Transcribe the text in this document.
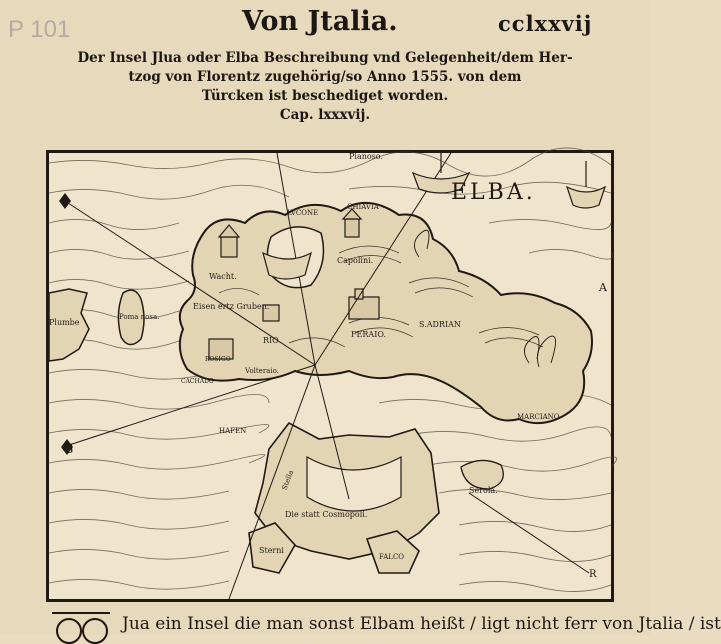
P 101	Von Jtalia.	cclxxvij
Der Insel Jlua oder Elba Beschreibung vnd Gelegenheit/dem Her-
tzog von Florentz zugehörig/so Anno 1555. von dem
Türcken ist beschediget worden.
Cap. lxxxvij.
ELBA.
Pianoso.
LVCONE
CHIAVIA
Capolini.
Wacht.
Eisen ertz Gruben.
RIO
FERAIO.
S.ADRIAN
Poma nosa.
Plumbe
ROSIGO
CACHADO
Volteraio.
HAFEN
MARCIANO
Die statt Cosmopoli.
Serola.
Stella
Sterni
FALCO
A
G
R
Jua ein Insel die man sonst Elbam heißt / ligt nicht ferr von Jtalia / ist
